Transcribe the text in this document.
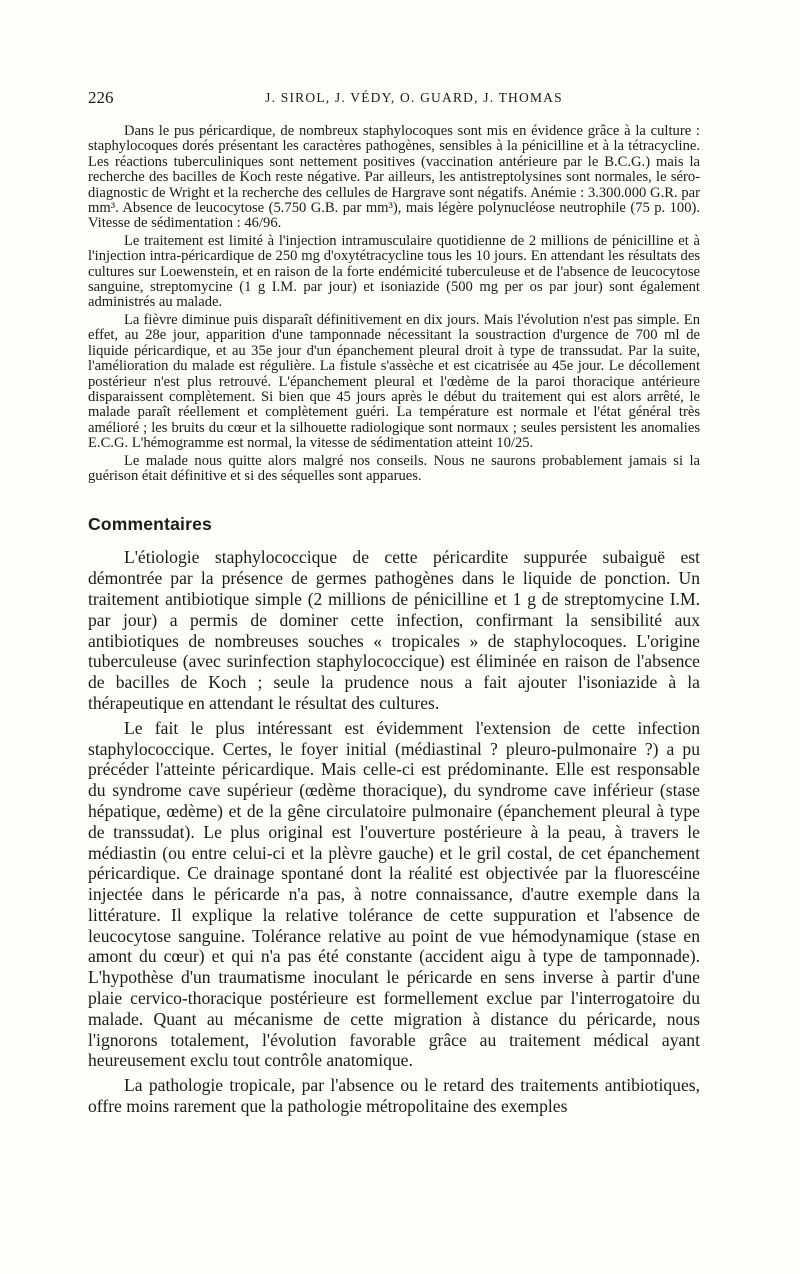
226	J. SIROL, J. VÉDY, O. GUARD, J. THOMAS

Dans le pus péricardique, de nombreux staphylocoques sont mis en évidence grâce à la culture : staphylocoques dorés présentant les caractères pathogènes, sensibles à la pénicilline et à la tétracycline. Les réactions tuberculiniques sont nettement positives (vaccination antérieure par le B.C.G.) mais la recherche des bacilles de Koch reste négative. Par ailleurs, les antistreptolysines sont normales, le séro-diagnostic de Wright et la recherche des cellules de Hargrave sont négatifs. Anémie : 3.300.000 G.R. par mm³. Absence de leucocytose (5.750 G.B. par mm³), mais légère polynucléose neutrophile (75 p. 100). Vitesse de sédimentation : 46/96.

Le traitement est limité à l'injection intramusculaire quotidienne de 2 millions de pénicilline et à l'injection intra-péricardique de 250 mg d'oxytétracycline tous les 10 jours. En attendant les résultats des cultures sur Loewenstein, et en raison de la forte endémicité tuberculeuse et de l'absence de leucocytose sanguine, streptomycine (1 g I.M. par jour) et isoniazide (500 mg per os par jour) sont également administrés au malade.

La fièvre diminue puis disparaît définitivement en dix jours. Mais l'évolution n'est pas simple. En effet, au 28e jour, apparition d'une tamponnade nécessitant la soustraction d'urgence de 700 ml de liquide péricardique, et au 35e jour d'un épanchement pleural droit à type de transsudat. Par la suite, l'amélioration du malade est régulière. La fistule s'assèche et est cicatrisée au 45e jour. Le décollement postérieur n'est plus retrouvé. L'épanchement pleural et l'œdème de la paroi thoracique antérieure disparaissent complètement. Si bien que 45 jours après le début du traitement qui est alors arrêté, le malade paraît réellement et complètement guéri. La température est normale et l'état général très amélioré ; les bruits du cœur et la silhouette radiologique sont normaux ; seules persistent les anomalies E.C.G. L'hémogramme est normal, la vitesse de sédimentation atteint 10/25.

Le malade nous quitte alors malgré nos conseils. Nous ne saurons probablement jamais si la guérison était définitive et si des séquelles sont apparues.

Commentaires

L'étiologie staphylococcique de cette péricardite suppurée subaiguë est démontrée par la présence de germes pathogènes dans le liquide de ponction. Un traitement antibiotique simple (2 millions de pénicilline et 1 g de streptomycine I.M. par jour) a permis de dominer cette infection, confirmant la sensibilité aux antibiotiques de nombreuses souches « tropicales » de staphylocoques. L'origine tuberculeuse (avec surinfection staphylococcique) est éliminée en raison de l'absence de bacilles de Koch ; seule la prudence nous a fait ajouter l'isoniazide à la thérapeutique en attendant le résultat des cultures.

Le fait le plus intéressant est évidemment l'extension de cette infection staphylococcique. Certes, le foyer initial (médiastinal ? pleuro-pulmonaire ?) a pu précéder l'atteinte péricardique. Mais celle-ci est prédominante. Elle est responsable du syndrome cave supérieur (œdème thoracique), du syndrome cave inférieur (stase hépatique, œdème) et de la gêne circulatoire pulmonaire (épanchement pleural à type de transsudat). Le plus original est l'ouverture postérieure à la peau, à travers le médiastin (ou entre celui-ci et la plèvre gauche) et le gril costal, de cet épanchement péricardique. Ce drainage spontané dont la réalité est objectivée par la fluorescéine injectée dans le péricarde n'a pas, à notre connaissance, d'autre exemple dans la littérature. Il explique la relative tolérance de cette suppuration et l'absence de leucocytose sanguine. Tolérance relative au point de vue hémodynamique (stase en amont du cœur) et qui n'a pas été constante (accident aigu à type de tamponnade). L'hypothèse d'un traumatisme inoculant le péricarde en sens inverse à partir d'une plaie cervico-thoracique postérieure est formellement exclue par l'interrogatoire du malade. Quant au mécanisme de cette migration à distance du péricarde, nous l'ignorons totalement, l'évolution favorable grâce au traitement médical ayant heureusement exclu tout contrôle anatomique.

La pathologie tropicale, par l'absence ou le retard des traitements antibiotiques, offre moins rarement que la pathologie métropolitaine des exemples
